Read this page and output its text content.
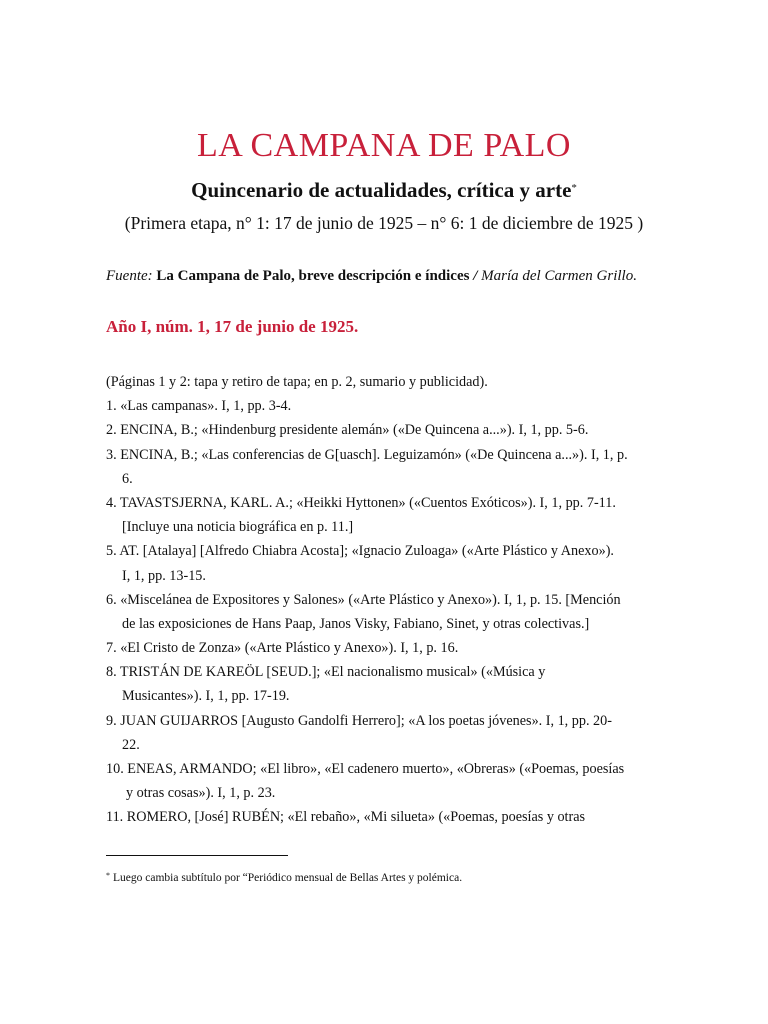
LA CAMPANA DE PALO
Quincenario de actualidades, crítica y arte*
(Primera etapa, n° 1: 17 de junio de 1925 – n° 6: 1 de diciembre de 1925 )
Fuente: La Campana de Palo, breve descripción e índices / María del Carmen Grillo.
Año I, núm. 1, 17 de junio de 1925.
(Páginas 1 y 2: tapa y retiro de tapa; en p. 2, sumario y publicidad).
1. «Las campanas». I, 1, pp. 3-4.
2. ENCINA, B.; «Hindenburg presidente alemán» («De Quincena a...»). I, 1, pp. 5-6.
3. ENCINA, B.; «Las conferencias de G[uasch]. Leguizamón» («De Quincena a...»). I, 1, p.
6.
4. TAVASTSJERNA, KARL. A.; «Heikki Hyttonen» («Cuentos Exóticos»). I, 1, pp. 7-11.
[Incluye una noticia biográfica en p. 11.]
5. AT. [Atalaya] [Alfredo Chiabra Acosta]; «Ignacio Zuloaga» («Arte Plástico y Anexo»).
I, 1, pp. 13-15.
6. «Miscelánea de Expositores y Salones» («Arte Plástico y Anexo»). I, 1, p. 15. [Mención
de las exposiciones de Hans Paap, Janos Visky, Fabiano, Sinet, y otras colectivas.]
7. «El Cristo de Zonza» («Arte Plástico y Anexo»). I, 1, p. 16.
8. TRISTÁN DE KAREÖL [SEUD.]; «El nacionalismo musical» («Música y
Musicantes»). I, 1, pp. 17-19.
9. JUAN GUIJARROS [Augusto Gandolfi Herrero]; «A los poetas jóvenes». I, 1, pp. 20-
22.
10. ENEAS, ARMANDO; «El libro», «El cadenero muerto», «Obreras» («Poemas, poesías
y otras cosas»). I, 1, p. 23.
11. ROMERO, [José] RUBÉN; «El rebaño», «Mi silueta» («Poemas, poesías y otras
* Luego cambia subtítulo por “Periódico mensual de Bellas Artes y polémica.
